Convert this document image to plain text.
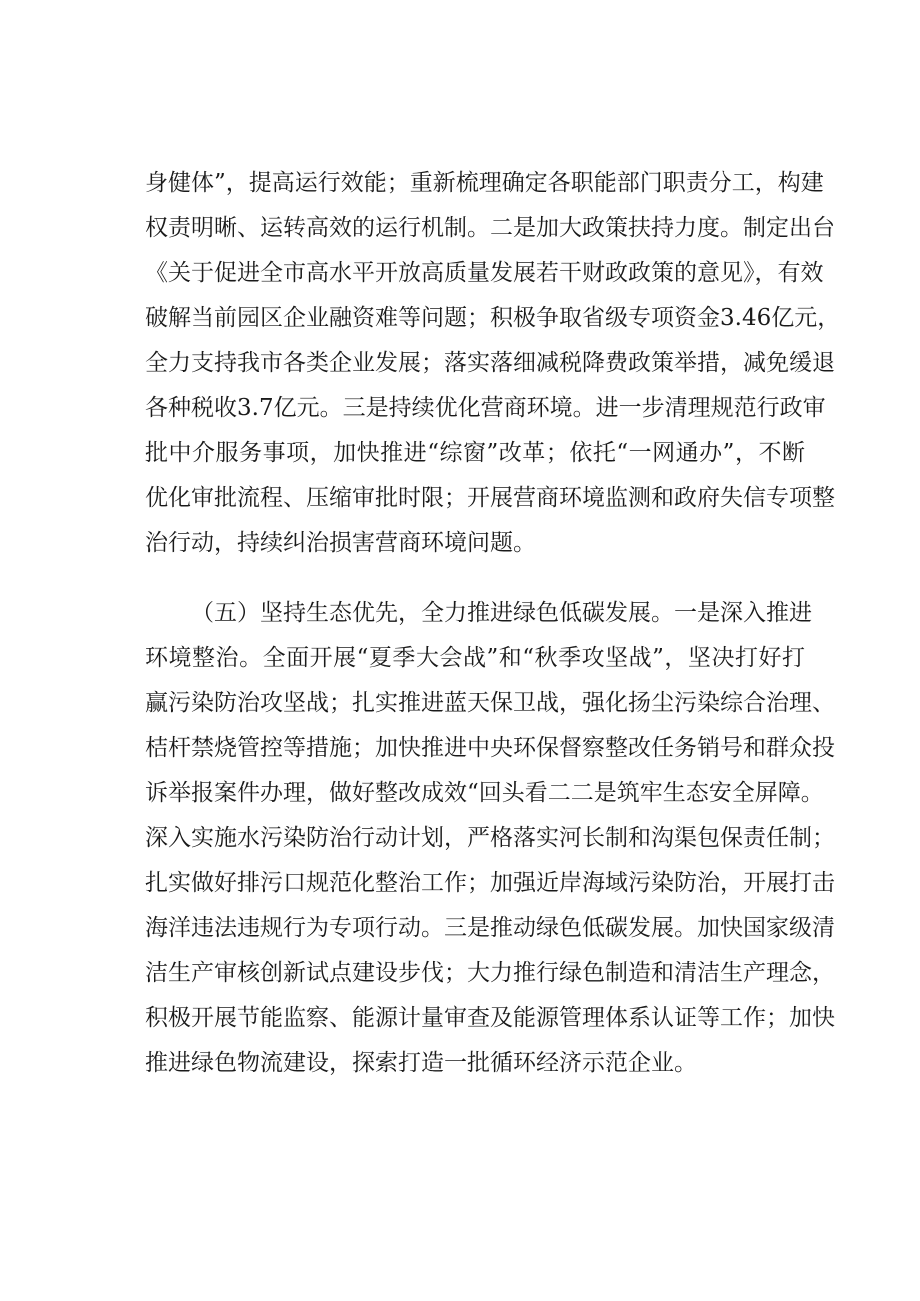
身健体”，提高运行效能；重新梳理确定各职能部门职责分工，构建
权责明晰、运转高效的运行机制。二是加大政策扶持力度。制定出台
《关于促进全市高水平开放高质量发展若干财政政策的意见》，有效
破解当前园区企业融资难等问题；积极争取省级专项资金3.46亿元，
全力支持我市各类企业发展；落实落细减税降费政策举措，减免缓退
各种税收3.7亿元。三是持续优化营商环境。进一步清理规范行政审
批中介服务事项，加快推进“综窗”改革；依托“一网通办”，不断
优化审批流程、压缩审批时限；开展营商环境监测和政府失信专项整
治行动，持续纠治损害营商环境问题。
（五）坚持生态优先，全力推进绿色低碳发展。一是深入推进
环境整治。全面开展“夏季大会战”和“秋季攻坚战”，坚决打好打
赢污染防治攻坚战；扎实推进蓝天保卫战，强化扬尘污染综合治理、
桔杆禁烧管控等措施；加快推进中央环保督察整改任务销号和群众投
诉举报案件办理，做好整改成效“回头看二二是筑牢生态安全屏障。
深入实施水污染防治行动计划，严格落实河长制和沟渠包保责任制；
扎实做好排污口规范化整治工作；加强近岸海域污染防治，开展打击
海洋违法违规行为专项行动。三是推动绿色低碳发展。加快国家级清
洁生产审核创新试点建设步伐；大力推行绿色制造和清洁生产理念，
积极开展节能监察、能源计量审查及能源管理体系认证等工作；加快
推进绿色物流建设，探索打造一批循环经济示范企业。
